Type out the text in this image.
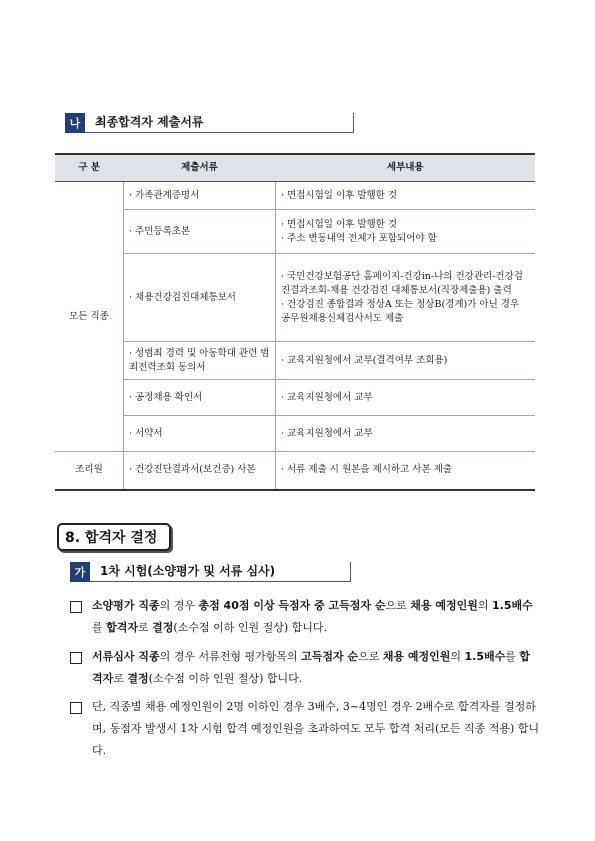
나	최종합격자 제출서류
구 분	제출서류	세부내용
모든 직종	· 가족관계증명서	· 면접시험일 이후 발행한 것

	· 주민등록초본	· 면접시험일 이후 발행한 것
· 주소 변동내역 전체가 포함되어야 함

	· 채용건강검진대체통보서	· 국민건강보험공단 홈페이지-건강in-나의 건강관리-건강검진결과조회-채용 건강검진 대체통보서(직장제출용) 출력
· 건강검진 종합결과 정상A 또는 정상B(경계)가 아닌 경우 공무원채용신체검사서도 제출

	· 성범죄 경력 및 아동학대 관련 범죄전력조회 동의서	· 교육지원청에서 교부(결격여부 조회용)

	· 공정채용 확인서	· 교육지원청에서 교부

	· 서약서	· 교육지원청에서 교부

조리원	· 건강진단결과서(보건증) 사본	· 서류 제출 시 원본을 제시하고 사본 제출
8. 합격자 결정
가	1차 시험(소양평가 및 서류 심사)
소양평가 직종의 경우 총점 40점 이상 득점자 중 고득점자 순으로 채용 예정인원의 1.5배수를 합격자로 결정(소수점 이하 인원 절상) 합니다.
서류심사 직종의 경우 서류전형 평가항목의 고득점자 순으로 채용 예정인원의 1.5배수를 합격자로 결정(소수점 이하 인원 절상) 합니다.
단, 직종별 채용 예정인원이 2명 이하인 경우 3배수, 3~4명인 경우 2배수로 합격자를 결정하며, 동점자 발생시 1차 시험 합격 예정인원을 초과하여도 모두 합격 처리(모든 직종 적용) 합니다.
